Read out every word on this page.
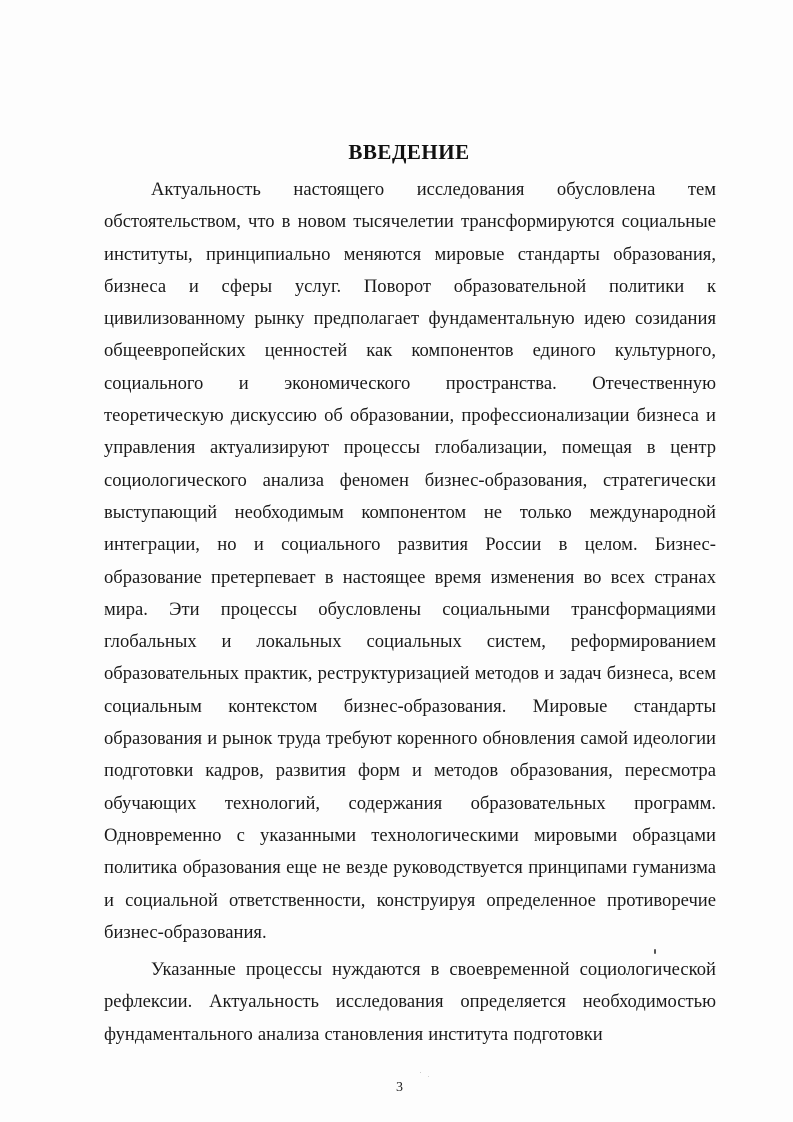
ВВЕДЕНИЕ

Актуальность настоящего исследования обусловлена тем обстоятельством, что в новом тысячелетии трансформируются социальные институты, принципиально меняются мировые стандарты образования, бизнеса и сферы услуг. Поворот образовательной политики к цивилизованному рынку предполагает фундаментальную идею созидания общеевропейских ценностей как компонентов единого культурного, социального и экономического пространства. Отечественную теоретическую дискуссию об образовании, профессионализации бизнеса и управления актуализируют процессы глобализации, помещая в центр социологического анализа феномен бизнес-образования, стратегически выступающий необходимым компонентом не только международной интеграции, но и социального развития России в целом. Бизнес-образование претерпевает в настоящее время изменения во всех странах мира. Эти процессы обусловлены социальными трансформациями глобальных и локальных социальных систем, реформированием образовательных практик, реструктуризацией методов и задач бизнеса, всем социальным контекстом бизнес-образования. Мировые стандарты образования и рынок труда требуют коренного обновления самой идеологии подготовки кадров, развития форм и методов образования, пересмотра обучающих технологий, содержания образовательных программ. Одновременно с указанными технологическими мировыми образцами политика образования еще не везде руководствуется принципами гуманизма и социальной ответственности, конструируя определенное противоречие бизнес-образования.

Указанные процессы нуждаются в своевременной социологической рефлексии. Актуальность исследования определяется необходимостью фундаментального анализа становления института подготовки

3
